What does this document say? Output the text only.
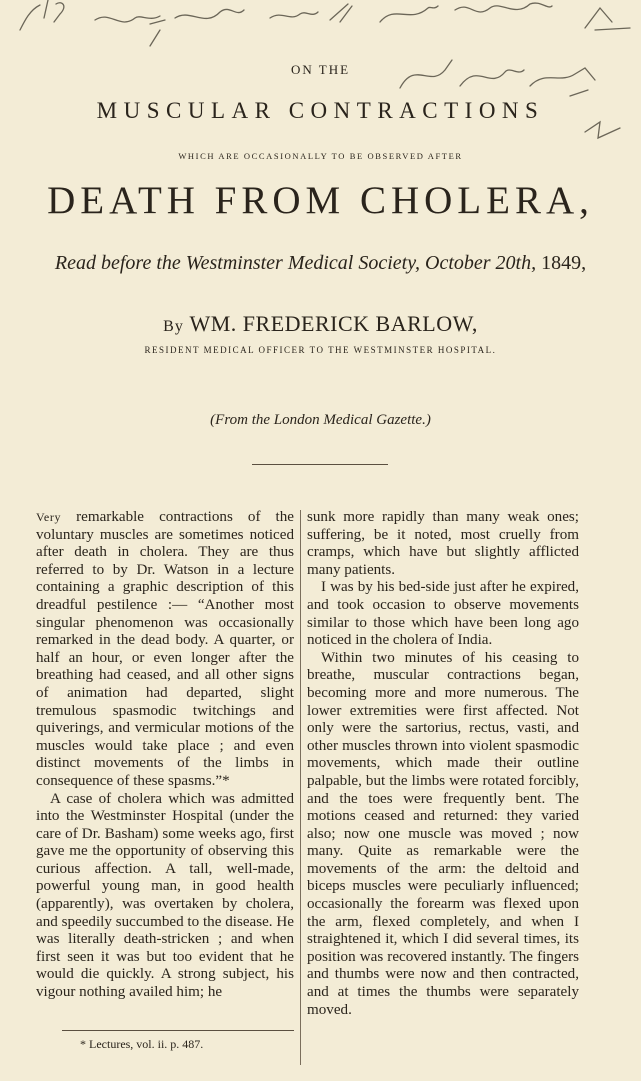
ON THE
MUSCULAR CONTRACTIONS
WHICH ARE OCCASIONALLY TO BE OBSERVED AFTER
DEATH FROM CHOLERA,
Read before the Westminster Medical Society, October 20th, 1849,
By WM. FREDERICK BARLOW,
RESIDENT MEDICAL OFFICER TO THE WESTMINSTER HOSPITAL.
(From the London Medical Gazette.)

Very remarkable contractions of the voluntary muscles are sometimes noticed after death in cholera. They are thus referred to by Dr. Watson in a lecture containing a graphic description of this dreadful pestilence :— “Another most singular phenomenon was occasionally remarked in the dead body. A quarter, or half an hour, or even longer after the breathing had ceased, and all other signs of animation had departed, slight tremulous spasmodic twitchings and quiverings, and vermicular motions of the muscles would take place ; and even distinct movements of the limbs in consequence of these spasms.”*

A case of cholera which was admitted into the Westminster Hospital (under the care of Dr. Basham) some weeks ago, first gave me the opportunity of observing this curious affection. A tall, well-made, powerful young man, in good health (apparently), was overtaken by cholera, and speedily succumbed to the disease. He was literally death-stricken ; and when first seen it was but too evident that he would die quickly. A strong subject, his vigour nothing availed him; he

sunk more rapidly than many weak ones; suffering, be it noted, most cruelly from cramps, which have but slightly afflicted many patients.

I was by his bed-side just after he expired, and took occasion to observe movements similar to those which have been long ago noticed in the cholera of India.

Within two minutes of his ceasing to breathe, muscular contractions began, becoming more and more numerous. The lower extremities were first affected. Not only were the sartorius, rectus, vasti, and other muscles thrown into violent spasmodic movements, which made their outline palpable, but the limbs were rotated forcibly, and the toes were frequently bent. The motions ceased and returned: they varied also; now one muscle was moved ; now many. Quite as remarkable were the movements of the arm: the deltoid and biceps muscles were peculiarly influenced; occasionally the forearm was flexed upon the arm, flexed completely, and when I straightened it, which I did several times, its position was recovered instantly. The fingers and thumbs were now and then contracted, and at times the thumbs were separately moved.

* Lectures, vol. ii. p. 487.
